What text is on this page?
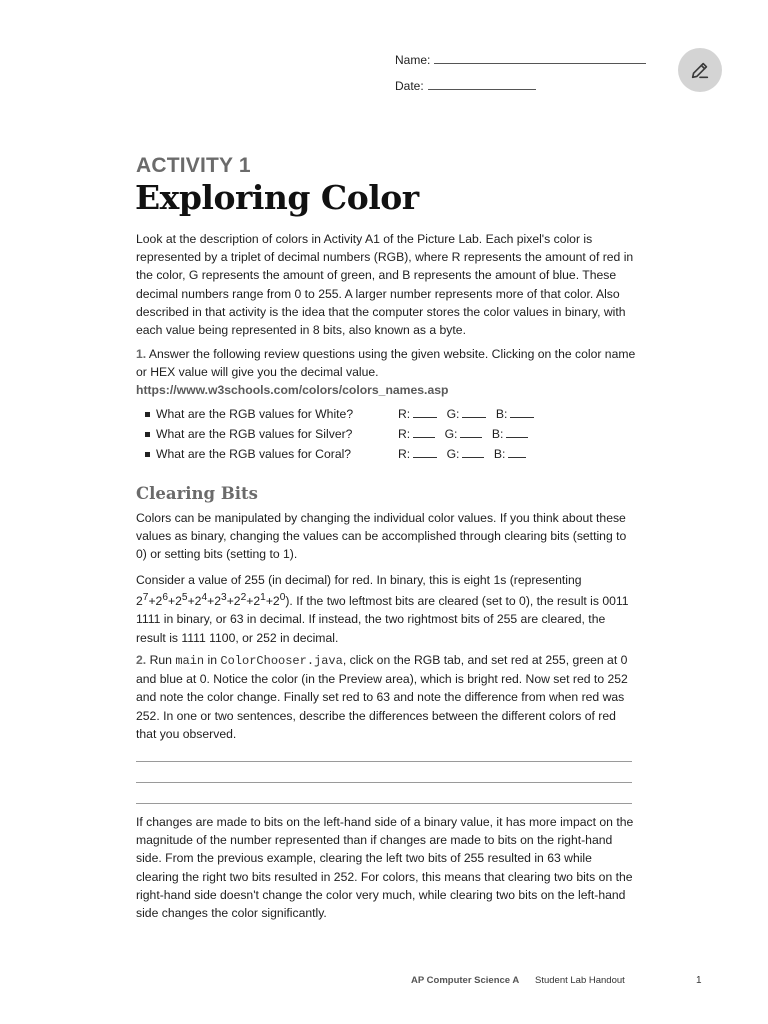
Name:
Date:
ACTIVITY 1
Exploring Color

Look at the description of colors in Activity A1 of the Picture Lab. Each pixel's color is represented by a triplet of decimal numbers (RGB), where R represents the amount of red in the color, G represents the amount of green, and B represents the amount of blue. These decimal numbers range from 0 to 255. A larger number represents more of that color. Also described in that activity is the idea that the computer stores the color values in binary, with each value being represented in 8 bits, also known as a byte.

1. Answer the following review questions using the given website. Clicking on the color name or HEX value will give you the decimal value.
https://www.w3schools.com/colors/colors_names.asp
What are the RGB values for White?	R:	G:	B:
What are the RGB values for Silver?	R:	G:	B:
What are the RGB values for Coral?	R:	G:	B:
Clearing Bits

Colors can be manipulated by changing the individual color values. If you think about these values as binary, changing the values can be accomplished through clearing bits (setting to 0) or setting bits (setting to 1).

Consider a value of 255 (in decimal) for red. In binary, this is eight 1s (representing $2^7+2^6+2^5+2^4+2^3+2^2+2^1+2^0$). If the two leftmost bits are cleared (set to 0), the result is 0011 1111 in binary, or 63 in decimal. If instead, the two rightmost bits of 255 are cleared, the result is 1111 1100, or 252 in decimal.

2. Run main in ColorChooser.java, click on the RGB tab, and set red at 255, green at 0 and blue at 0. Notice the color (in the Preview area), which is bright red. Now set red to 252 and note the color change. Finally set red to 63 and note the difference from when red was 252. In one or two sentences, describe the differences between the different colors of red that you observed.

If changes are made to bits on the left-hand side of a binary value, it has more impact on the magnitude of the number represented than if changes are made to bits on the right-hand side. From the previous example, clearing the left two bits of 255 resulted in 63 while clearing the right two bits resulted in 252. For colors, this means that clearing two bits on the right-hand side doesn't change the color very much, while clearing two bits on the left-hand side changes the color significantly.

AP Computer Science A Student Lab Handout	1
